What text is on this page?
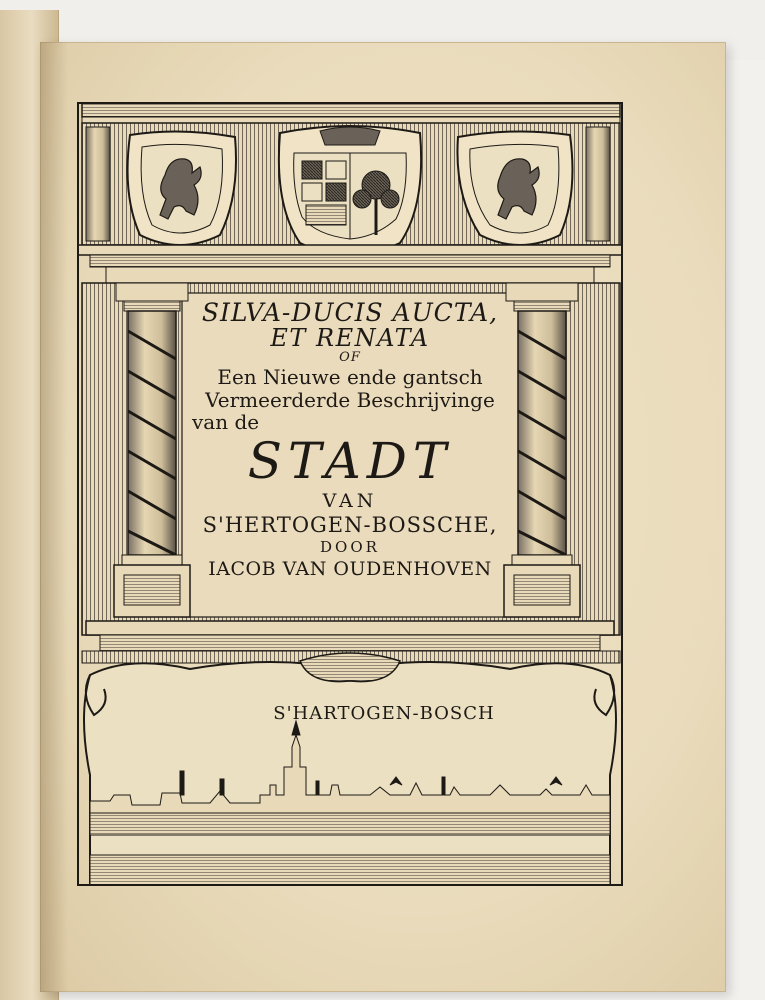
SILVA-DUCIS AUCTA,

ET RENATA

OF

Een Nieuwe ende gantsch

Vermeerderde Beschrijvinge

van de

STADT

VAN

S'HERTOGEN-BOSSCHE,

DOOR

IACOB VAN OUDENHOVEN

S'HARTOGEN-BOSCH
